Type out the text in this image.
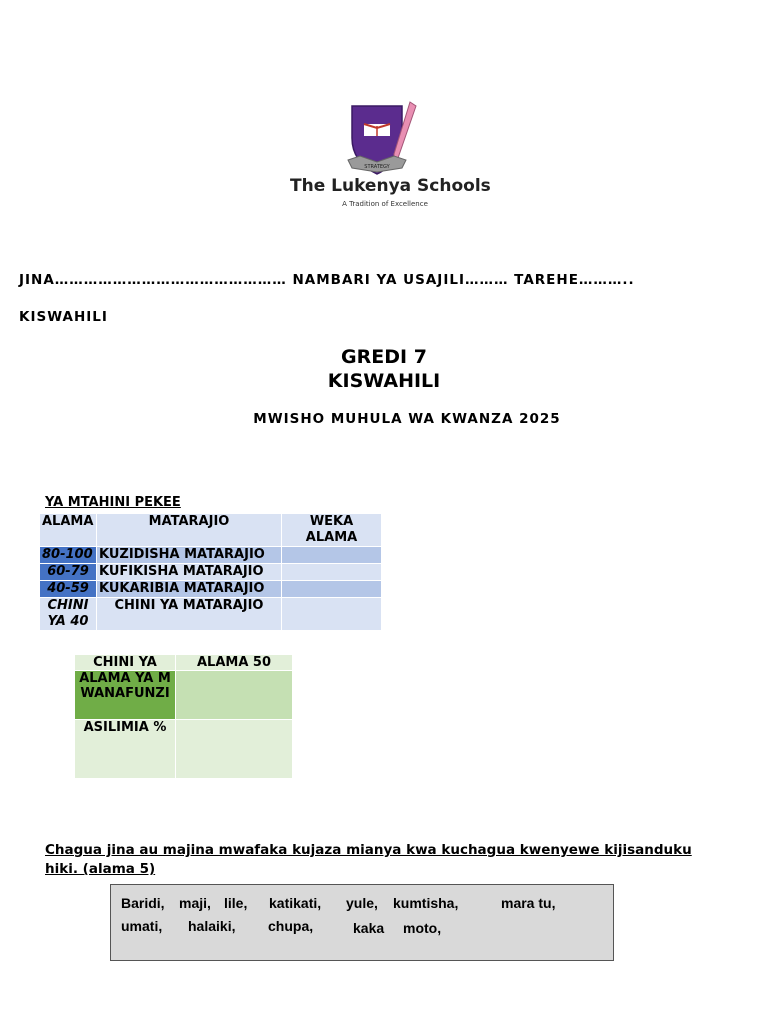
STRATEGY
The Lukenya Schools
A Tradition of Excellence
JINA………………………………………… NAMBARI YA USAJILI……… TAREHE………..
KISWAHILI
GREDI 7
KISWAHILI
MWISHO MUHULA WA KWANZA 2025
YA MTAHINI PEKEE
ALAMA	MATARAJIO	WEKA ALAMA
80-100	KUZIDISHA MATARAJIO	
60-79	KUFIKISHA MATARAJIO	
40-59	KUKARIBIA MATARAJIO	
CHINI YA 40	CHINI YA MATARAJIO	
CHINI YA	ALAMA 50
ALAMA YA MWANAFUNZI	
ASILIMIA %	
Chagua jina au majina mwafaka kujaza mianya kwa kuchagua kwenyewe kijisanduku hiki. (alama 5)
Baridi, maji, lile, katikati, yule, kumtisha,	mara tu,
umati, halaiki, chupa,	kaka moto,
